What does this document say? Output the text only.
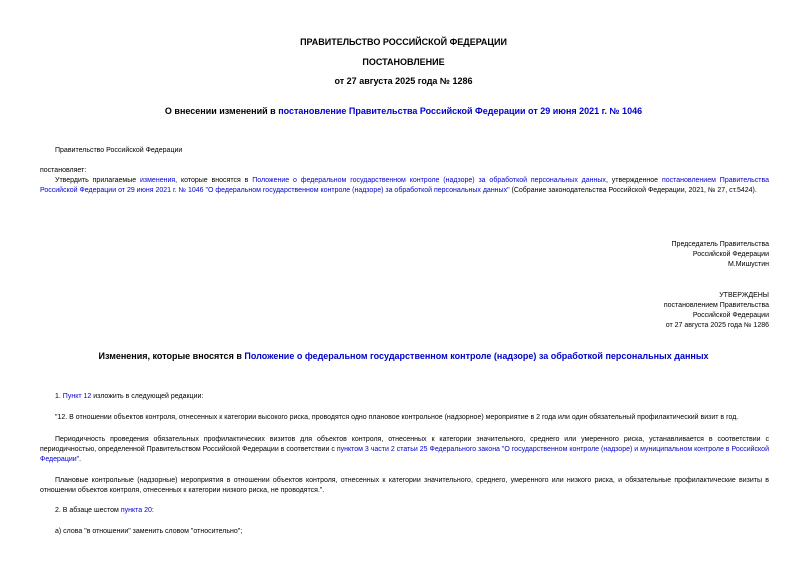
ПРАВИТЕЛЬСТВО РОССИЙСКОЙ ФЕДЕРАЦИИ
ПОСТАНОВЛЕНИЕ
от 27 августа 2025 года № 1286
О внесении изменений в постановление Правительства Российской Федерации от 29 июня 2021 г. № 1046
Правительство Российской Федерации
постановляет:
Утвердить прилагаемые изменения, которые вносятся в Положение о федеральном государственном контроле (надзоре) за обработкой персональных данных, утвержденное постановлением Правительства Российской Федерации от 29 июня 2021 г. № 1046 "О федеральном государственном контроле (надзоре) за обработкой персональных данных" (Собрание законодательства Российской Федерации, 2021, № 27, ст.5424).
Председатель Правительства
Российской Федерации
М.Мишустин
УТВЕРЖДЕНЫ
постановлением Правительства
Российской Федерации
от 27 августа 2025 года № 1286
Изменения, которые вносятся в Положение о федеральном государственном контроле (надзоре) за обработкой персональных данных
1. Пункт 12 изложить в следующей редакции:
"12. В отношении объектов контроля, отнесенных к категории высокого риска, проводятся одно плановое контрольное (надзорное) мероприятие в 2 года или один обязательный профилактический визит в год.
Периодичность проведения обязательных профилактических визитов для объектов контроля, отнесенных к категории значительного, среднего или умеренного риска, устанавливается в соответствии с периодичностью, определенной Правительством Российской Федерации в соответствии с пунктом 3 части 2 статьи 25 Федерального закона "О государственном контроле (надзоре) и муниципальном контроле в Российской Федерации".
Плановые контрольные (надзорные) мероприятия в отношении объектов контроля, отнесенных к категории значительного, среднего, умеренного или низкого риска, и обязательные профилактические визиты в отношении объектов контроля, отнесенных к категории низкого риска, не проводятся.".
2. В абзаце шестом пункта 20:
а) слова "в отношении" заменить словом "относительно";
